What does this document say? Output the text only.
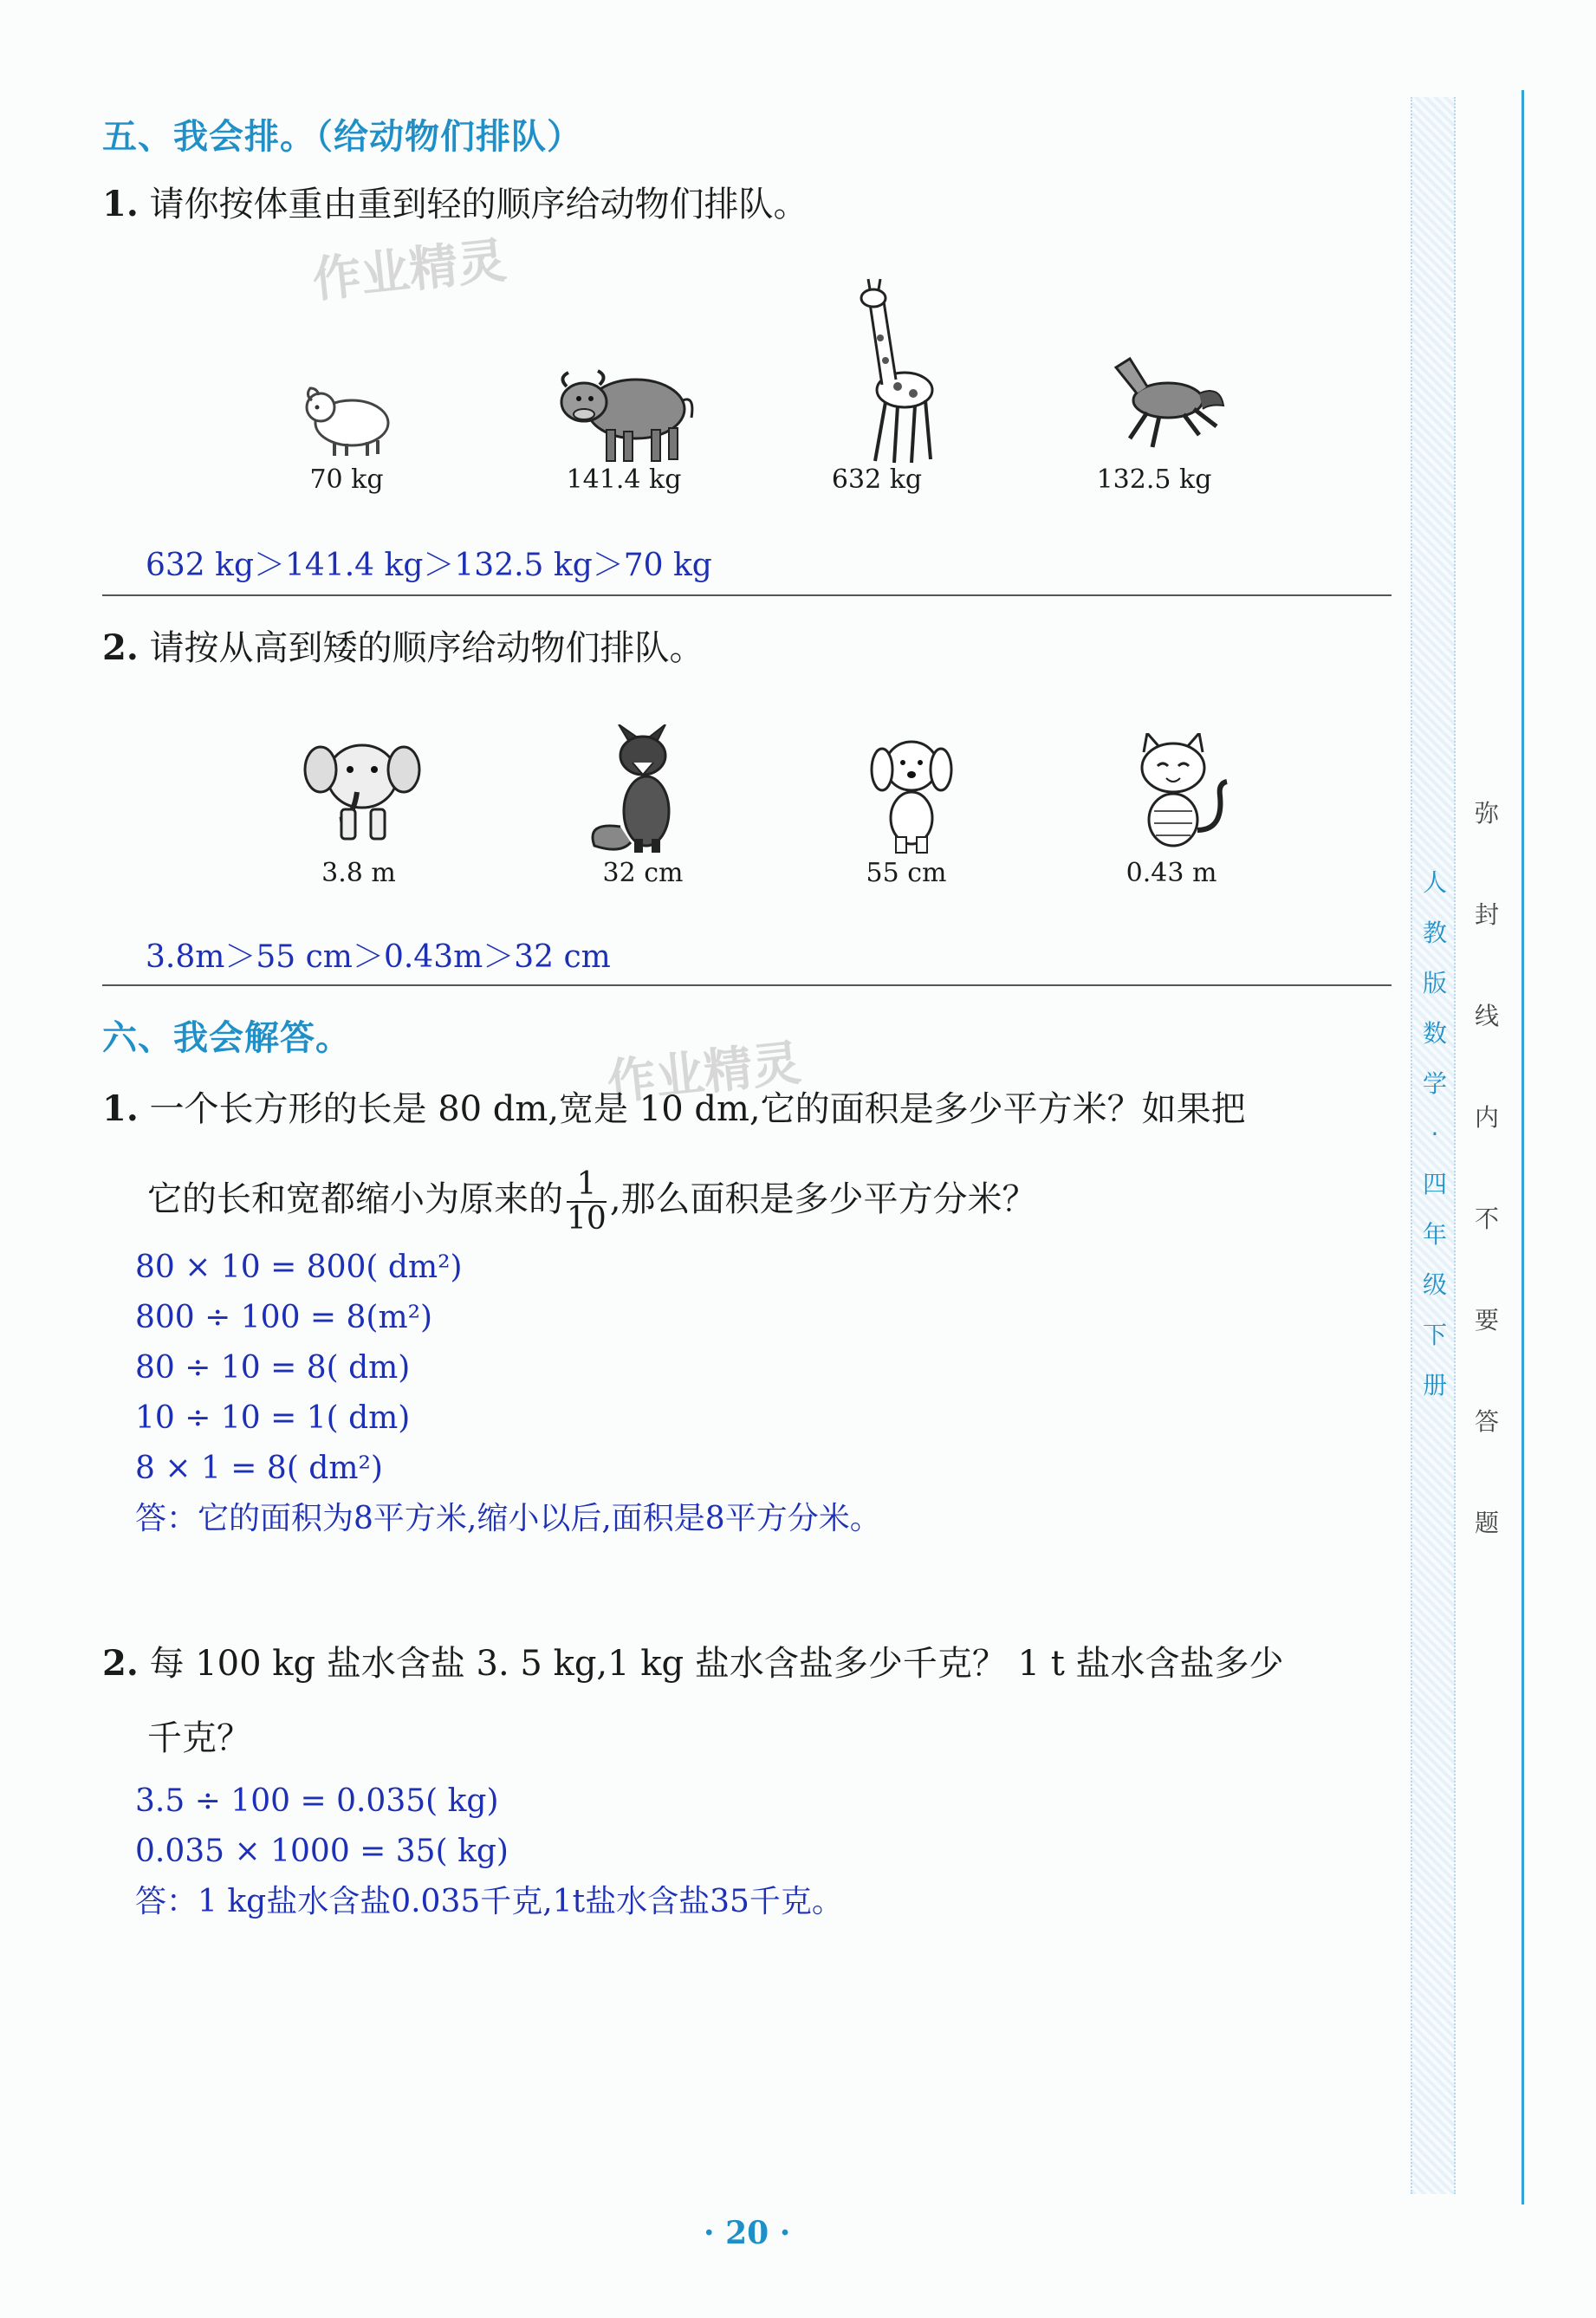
五、我会排。（给动物们排队）
1. 请你按体重由重到轻的顺序给动物们排队。
作业精灵
70 kg	141.4 kg	632 kg	132.5 kg
632 kg＞141.4 kg＞132.5 kg＞70 kg
2. 请按从高到矮的顺序给动物们排队。
3.8 m	32 cm	55 cm	0.43 m
3.8m＞55 cm＞0.43m＞32 cm
六、我会解答。	作业精灵
1. 一个长方形的长是 80 dm,宽是 10 dm,它的面积是多少平方米？如果把
它的长和宽都缩小为原来的 $\frac{1}{10}$ ,那么面积是多少平方分米？
80 × 10 = 800( dm²)
800 ÷ 100 = 8(m²)
80 ÷ 10 = 8( dm)
10 ÷ 10 = 1( dm)
8 × 1 = 8( dm²)
答：它的面积为8平方米,缩小以后,面积是8平方分米。
2. 每 100 kg 盐水含盐 3. 5 kg,1 kg 盐水含盐多少千克？ 1 t 盐水含盐多少
千克？
3.5 ÷ 100 = 0.035( kg)
0.035 × 1000 = 35( kg)
答：1 kg盐水含盐0.035千克,1t盐水含盐35千克。
人
教
版
数
学
·
四
年
级
下
册
弥
封
线
内
不
要
答
题
· 20 ·
